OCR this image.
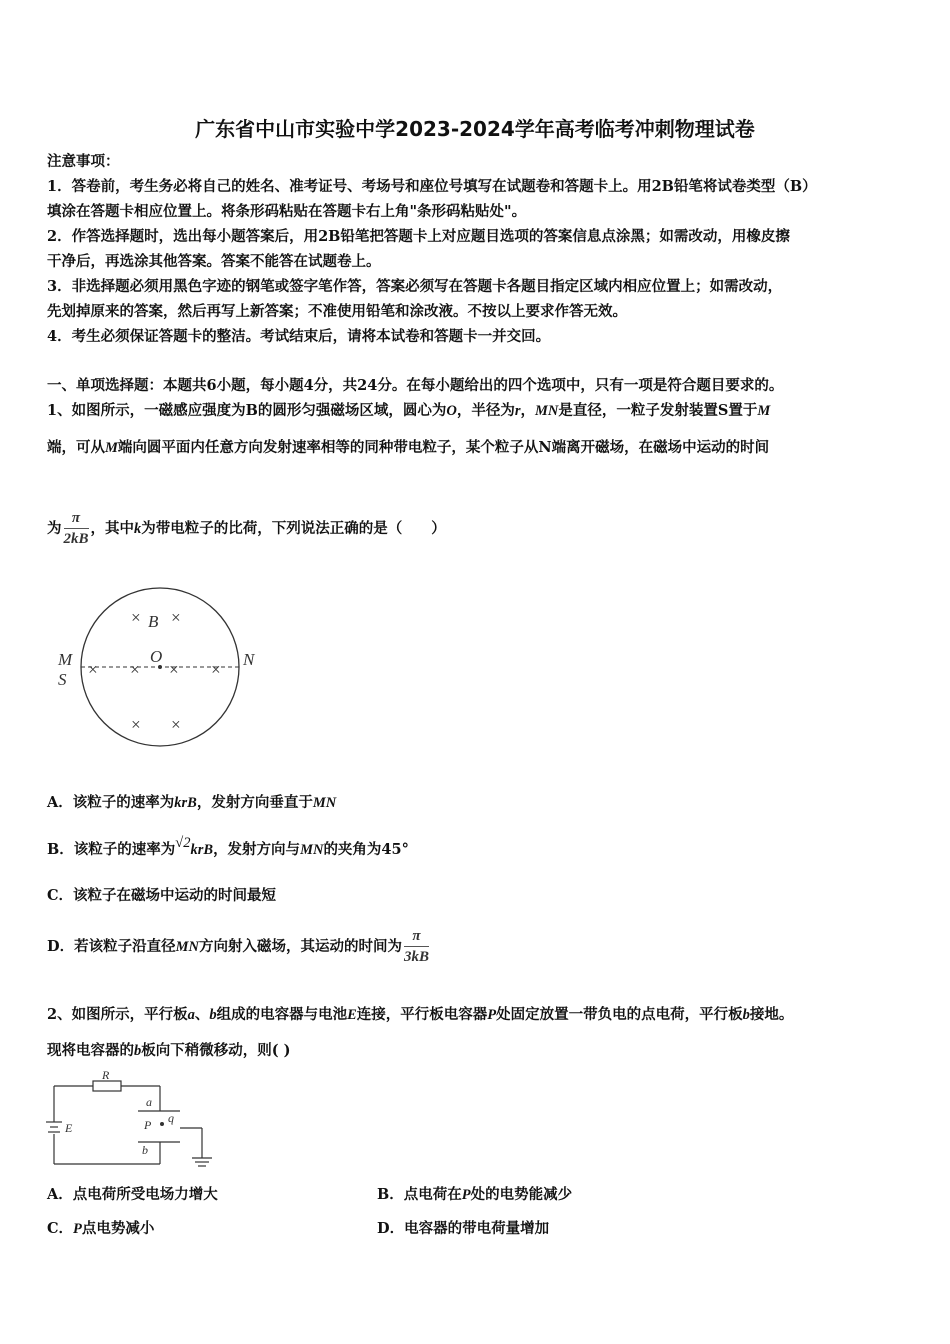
广东省中山市实验中学2023-2024学年高考临考冲刺物理试卷
注意事项：
1．答卷前，考生务必将自己的姓名、准考证号、考场号和座位号填写在试题卷和答题卡上。用2B铅笔将试卷类型（B）
填涂在答题卡相应位置上。将条形码粘贴在答题卡右上角"条形码粘贴处"。
2．作答选择题时，选出每小题答案后，用2B铅笔把答题卡上对应题目选项的答案信息点涂黑；如需改动，用橡皮擦
干净后，再选涂其他答案。答案不能答在试题卷上。
3．非选择题必须用黑色字迹的钢笔或签字笔作答，答案必须写在答题卡各题目指定区域内相应位置上；如需改动，
先划掉原来的答案，然后再写上新答案；不准使用铅笔和涂改液。不按以上要求作答无效。
4．考生必须保证答题卡的整洁。考试结束后，请将本试卷和答题卡一并交回。
一、单项选择题：本题共6小题，每小题4分，共24分。在每小题给出的四个选项中，只有一项是符合题目要求的。
1、如图所示，一磁感应强度为B的圆形匀强磁场区域，圆心为O，半径为r，MN是直径，一粒子发射装置S置于M
端，可从M端向圆平面内任意方向发射速率相等的同种带电粒子，某个粒子从N端离开磁场，在磁场中运动的时间
为 $\frac{\pi}{2kB}$ ，其中k为带电粒子的比荷，下列说法正确的是（　　）
× ×
B
× × × ×
O
M
S
N
× ×
A．该粒子的速率为krB，发射方向垂直于MN
B．该粒子的速率为√2krB，发射方向与MN的夹角为45°
C．该粒子在磁场中运动的时间最短
D．若该粒子沿直径MN方向射入磁场，其运动的时间为 $\frac{\pi}{3kB}$
2、如图所示，平行板a、b组成的电容器与电池E连接，平行板电容器P处固定放置一带负电的点电荷，平行板b接地。
现将电容器的b板向下稍微移动，则( )
R
E
a
P q
b
A．点电荷所受电场力增大	B．点电荷在P处的电势能减少
C．P点电势减小	D．电容器的带电荷量增加
